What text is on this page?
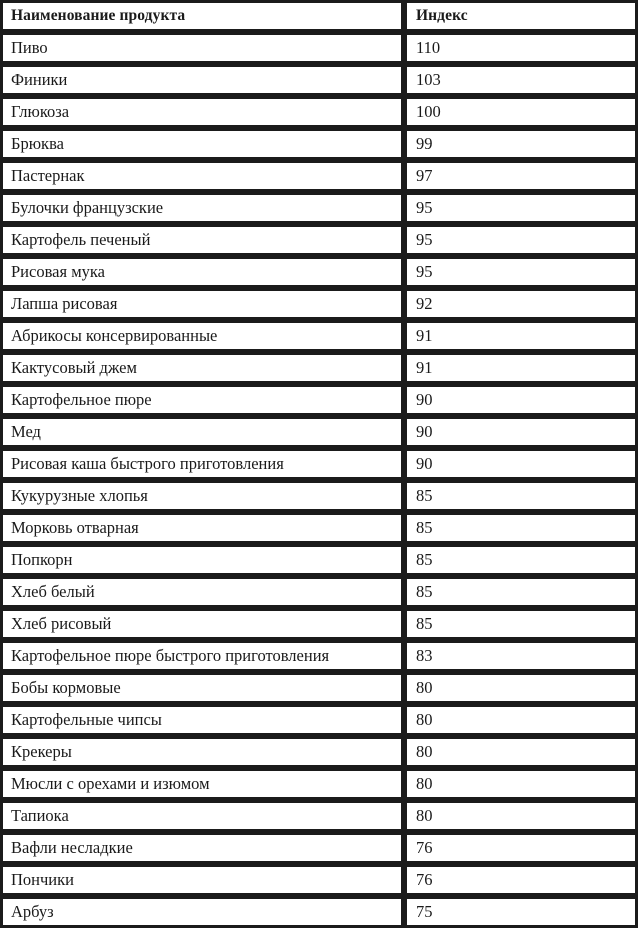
Наименование продукта	Индекс
Пиво	110
Финики	103
Глюкоза	100
Брюква	99
Пастернак	97
Булочки французские	95
Картофель печеный	95
Рисовая мука	95
Лапша рисовая	92
Абрикосы консервированные	91
Кактусовый джем	91
Картофельное пюре	90
Мед	90
Рисовая каша быстрого приготовления	90
Кукурузные хлопья	85
Морковь отварная	85
Попкорн	85
Хлеб белый	85
Хлеб рисовый	85
Картофельное пюре быстрого приготовления	83
Бобы кормовые	80
Картофельные чипсы	80
Крекеры	80
Мюсли с орехами и изюмом	80
Тапиока	80
Вафли несладкие	76
Пончики	76
Арбуз	75
